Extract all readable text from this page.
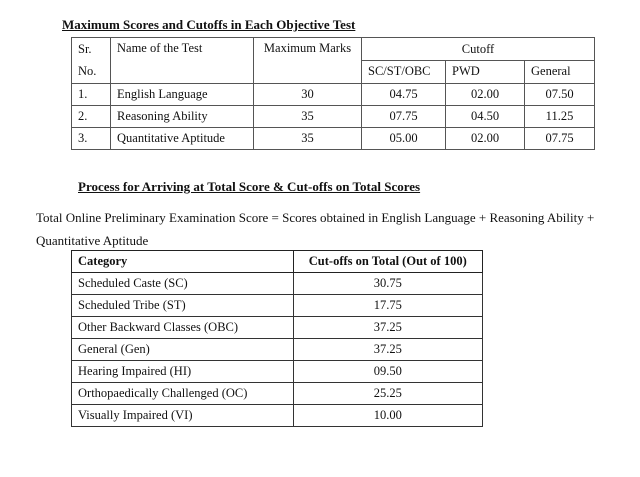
Maximum Scores and Cutoffs in Each Objective Test
Sr.	Name of the Test	Maximum Marks	Cutoff		
No.			SC/ST/OBC	PWD	General
1.	English Language	30	04.75	02.00	07.50
2.	Reasoning Ability	35	07.75	04.50	11.25
3.	Quantitative Aptitude	35	05.00	02.00	07.75
Process for Arriving at Total Score & Cut-offs on Total Scores
Total Online Preliminary Examination Score = Scores obtained in English Language + Reasoning Ability + Quantitative Aptitude
Category	Cut-offs on Total (Out of 100)
Scheduled Caste (SC)	30.75
Scheduled Tribe (ST)	17.75
Other Backward Classes (OBC)	37.25
General (Gen)	37.25
Hearing Impaired (HI)	09.50
Orthopaedically Challenged (OC)	25.25
Visually Impaired (VI)	10.00
